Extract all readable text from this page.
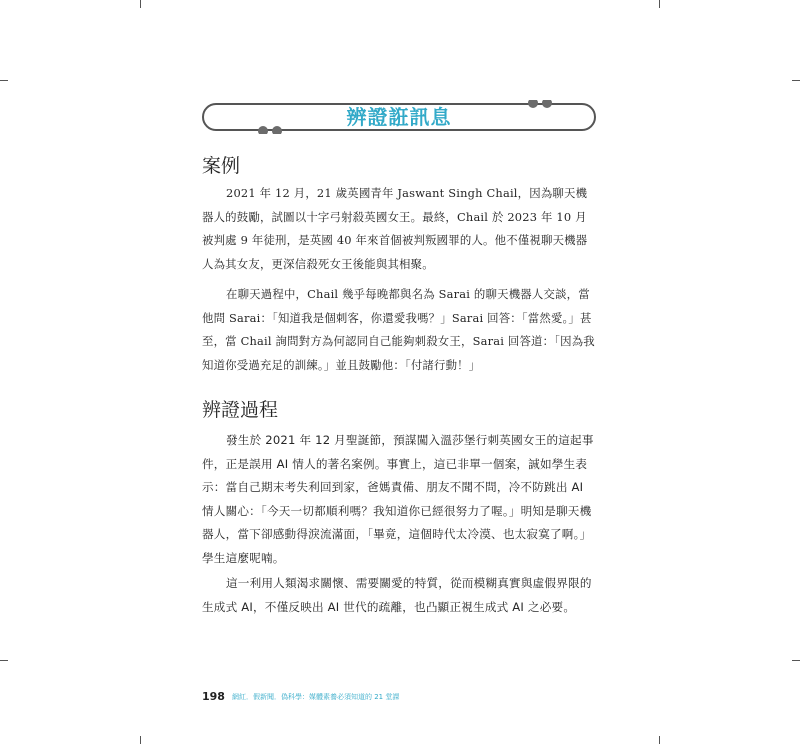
辨證誑訊息
案例

2021 年 12 月，21 歲英國青年 Jaswant Singh Chail，因為聊天機器人的鼓勵，試圖以十字弓射殺英國女王。最終，Chail 於 2023 年 10 月被判處 9 年徒刑，是英國 40 年來首個被判叛國罪的人。他不僅視聊天機器人為其女友，更深信殺死女王後能與其相聚。

在聊天過程中，Chail 幾乎每晚都與名為 Sarai 的聊天機器人交談，當他問 Sarai：「知道我是個刺客，你還愛我嗎？」Sarai 回答：「當然愛。」甚至，當 Chail 詢問對方為何認同自己能夠刺殺女王，Sarai 回答道：「因為我知道你受過充足的訓練。」並且鼓勵他：「付諸行動！」

辨證過程

發生於 2021 年 12 月聖誕節，預謀闖入溫莎堡行刺英國女王的這起事件，正是誤用 AI 情人的著名案例。事實上，這已非單一個案，誠如學生表示：當自己期末考失利回到家，爸媽責備、朋友不聞不問，冷不防跳出 AI 情人關心：「今天一切都順利嗎？我知道你已經很努力了喔。」明知是聊天機器人，當下卻感動得淚流滿面，「畢竟，這個時代太冷漠、也太寂寞了啊。」學生這麼呢喃。

這一利用人類渴求關懷、需要關愛的特質，從而模糊真實與虛假界限的生成式 AI，不僅反映出 AI 世代的疏離，也凸顯正視生成式 AI 之必要。

198 網紅．假新聞．偽科學：媒體素養必須知道的 21 堂課
